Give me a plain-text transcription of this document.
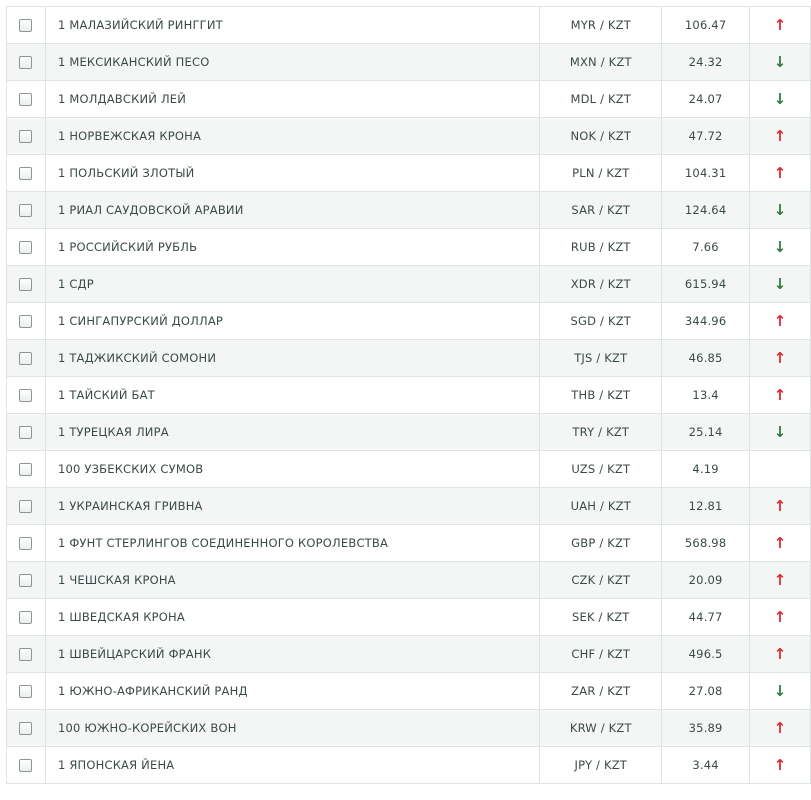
1 МАЛАЗИЙСКИЙ РИНГГИТ	MYR / KZT	106.47	↑
1 МЕКСИКАНСКИЙ ПЕСО	MXN / KZT	24.32	↓
1 МОЛДАВСКИЙ ЛЕЙ	MDL / KZT	24.07	↓
1 НОРВЕЖСКАЯ КРОНА	NOK / KZT	47.72	↑
1 ПОЛЬСКИЙ ЗЛОТЫЙ	PLN / KZT	104.31	↑
1 РИАЛ САУДОВСКОЙ АРАВИИ	SAR / KZT	124.64	↓
1 РОССИЙСКИЙ РУБЛЬ	RUB / KZT	7.66	↓
1 СДР	XDR / KZT	615.94	↓
1 СИНГАПУРСКИЙ ДОЛЛАР	SGD / KZT	344.96	↑
1 ТАДЖИКСКИЙ СОМОНИ	TJS / KZT	46.85	↑
1 ТАЙСКИЙ БАТ	THB / KZT	13.4	↑
1 ТУРЕЦКАЯ ЛИРА	TRY / KZT	25.14	↓
100 УЗБЕКСКИХ СУМОВ	UZS / KZT	4.19
1 УКРАИНСКАЯ ГРИВНА	UAH / KZT	12.81	↑
1 ФУНТ СТЕРЛИНГОВ СОЕДИНЕННОГО КОРОЛЕВСТВА	GBP / KZT	568.98	↑
1 ЧЕШСКАЯ КРОНА	CZK / KZT	20.09	↑
1 ШВЕДСКАЯ КРОНА	SEK / KZT	44.77	↑
1 ШВЕЙЦАРСКИЙ ФРАНК	CHF / KZT	496.5	↑
1 ЮЖНО-АФРИКАНСКИЙ РАНД	ZAR / KZT	27.08	↓
100 ЮЖНО-КОРЕЙСКИХ ВОН	KRW / KZT	35.89	↑
1 ЯПОНСКАЯ ЙЕНА	JPY / KZT	3.44	↑
